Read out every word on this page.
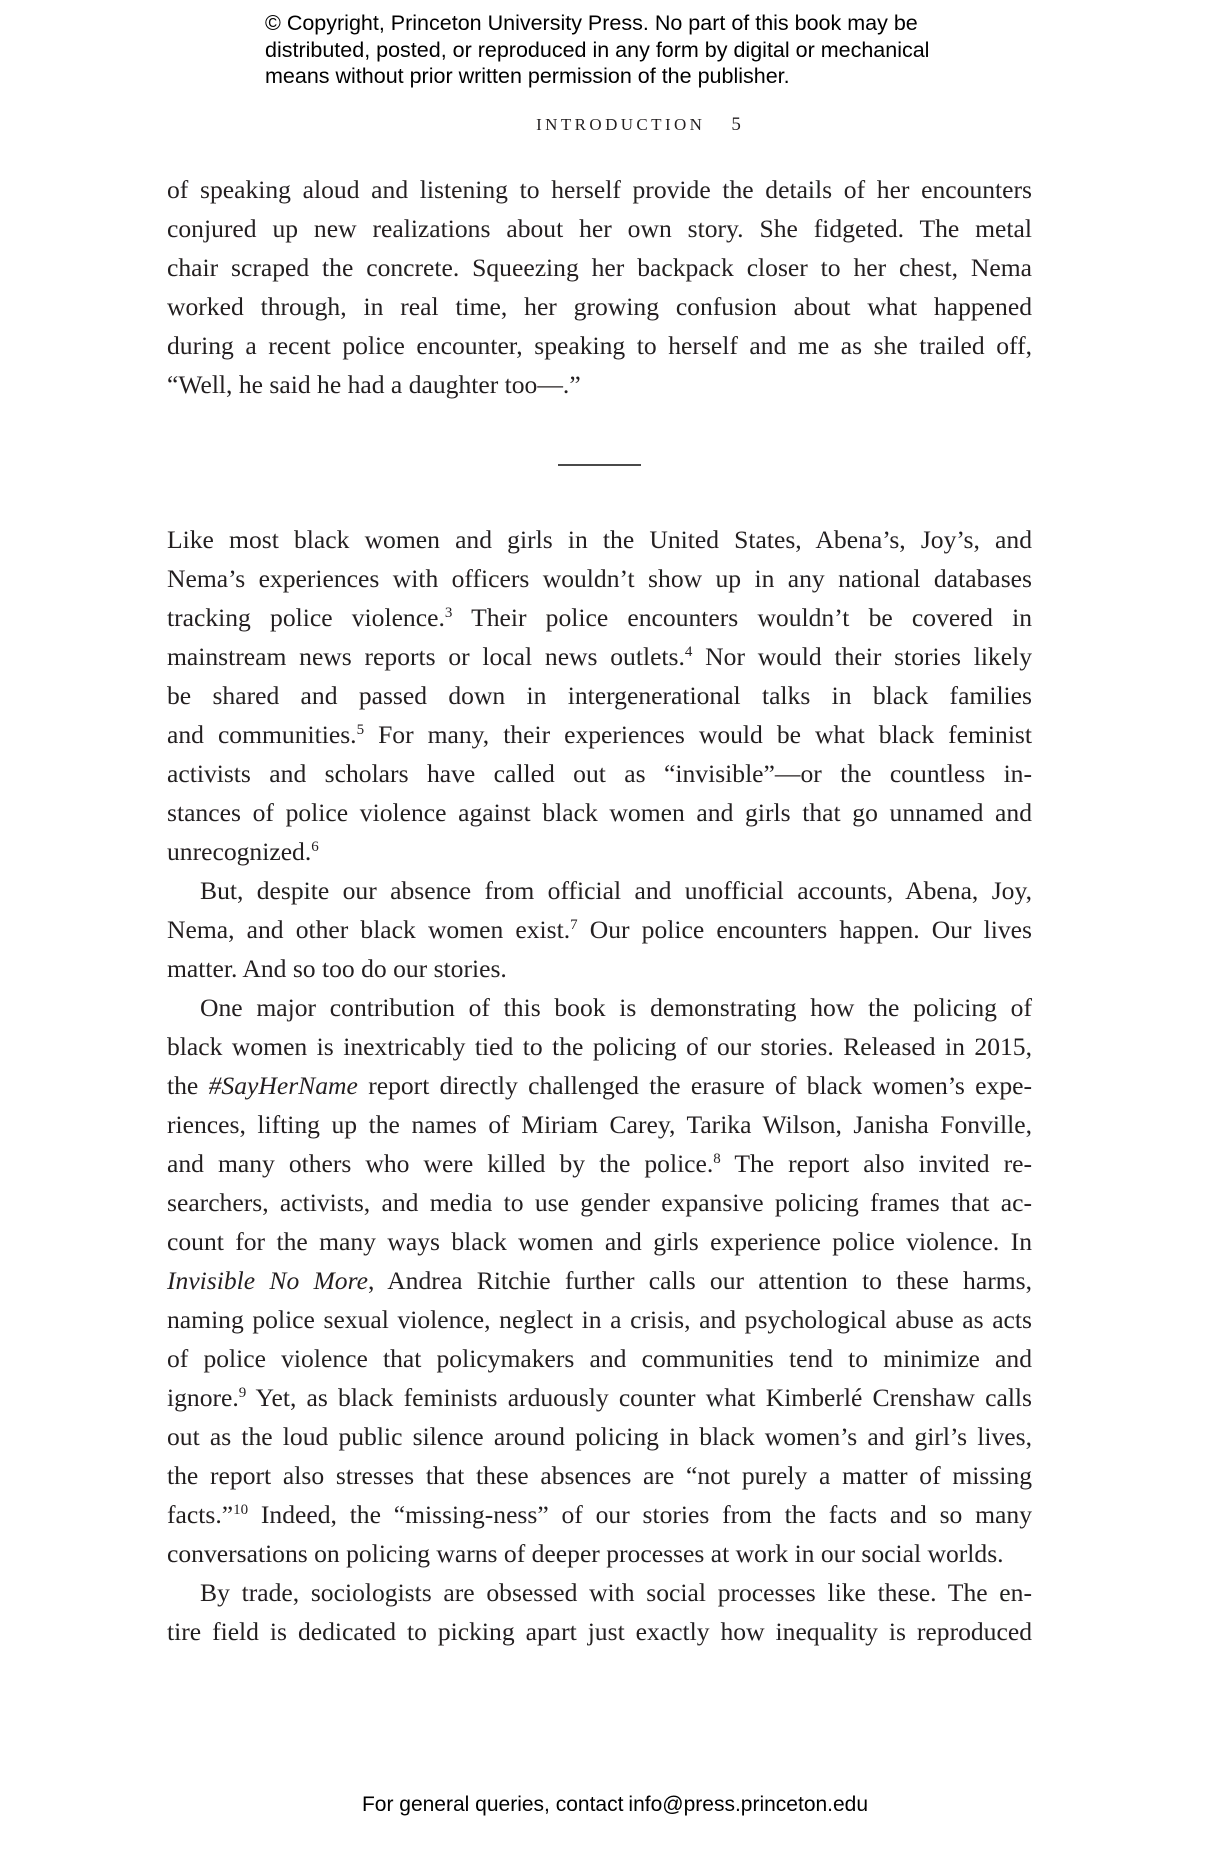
© Copyright, Princeton University Press. No part of this book may be
distributed, posted, or reproduced in any form by digital or mechanical
means without prior written permission of the publisher.
INTRODUCTION 5
of speaking aloud and listening to herself provide the details of her encounters
conjured up new realizations about her own story. She fidgeted. The metal
chair scraped the concrete. Squeezing her backpack closer to her chest, Nema
worked through, in real time, her growing confusion about what happened
during a recent police encounter, speaking to herself and me as she trailed off,
“Well, he said he had a daughter too—.”
Like most black women and girls in the United States, Abena’s, Joy’s, and
Nema’s experiences with officers wouldn’t show up in any national databases
tracking police violence.$^3$ Their police encounters wouldn’t be covered in
mainstream news reports or local news outlets.$^4$ Nor would their stories likely
be shared and passed down in intergenerational talks in black families
and communities.$^5$ For many, their experiences would be what black feminist
activists and scholars have called out as “invisible”—or the countless in-
stances of police violence against black women and girls that go unnamed and
unrecognized.$^6$
But, despite our absence from official and unofficial accounts, Abena, Joy,
Nema, and other black women exist.$^7$ Our police encounters happen. Our lives
matter. And so too do our stories.
One major contribution of this book is demonstrating how the policing of
black women is inextricably tied to the policing of our stories. Released in 2015,
the #SayHerName report directly challenged the erasure of black women’s expe-
riences, lifting up the names of Miriam Carey, Tarika Wilson, Janisha Fonville,
and many others who were killed by the police.$^8$ The report also invited re-
searchers, activists, and media to use gender expansive policing frames that ac-
count for the many ways black women and girls experience police violence. In
Invisible No More, Andrea Ritchie further calls our attention to these harms,
naming police sexual violence, neglect in a crisis, and psychological abuse as acts
of police violence that policymakers and communities tend to minimize and
ignore.$^9$ Yet, as black feminists arduously counter what Kimberlé Crenshaw calls
out as the loud public silence around policing in black women’s and girl’s lives,
the report also stresses that these absences are “not purely a matter of missing
facts.”$^{10}$ Indeed, the “missing-ness” of our stories from the facts and so many
conversations on policing warns of deeper processes at work in our social worlds.
By trade, sociologists are obsessed with social processes like these. The en-
tire field is dedicated to picking apart just exactly how inequality is reproduced
For general queries, contact info@press.princeton.edu
